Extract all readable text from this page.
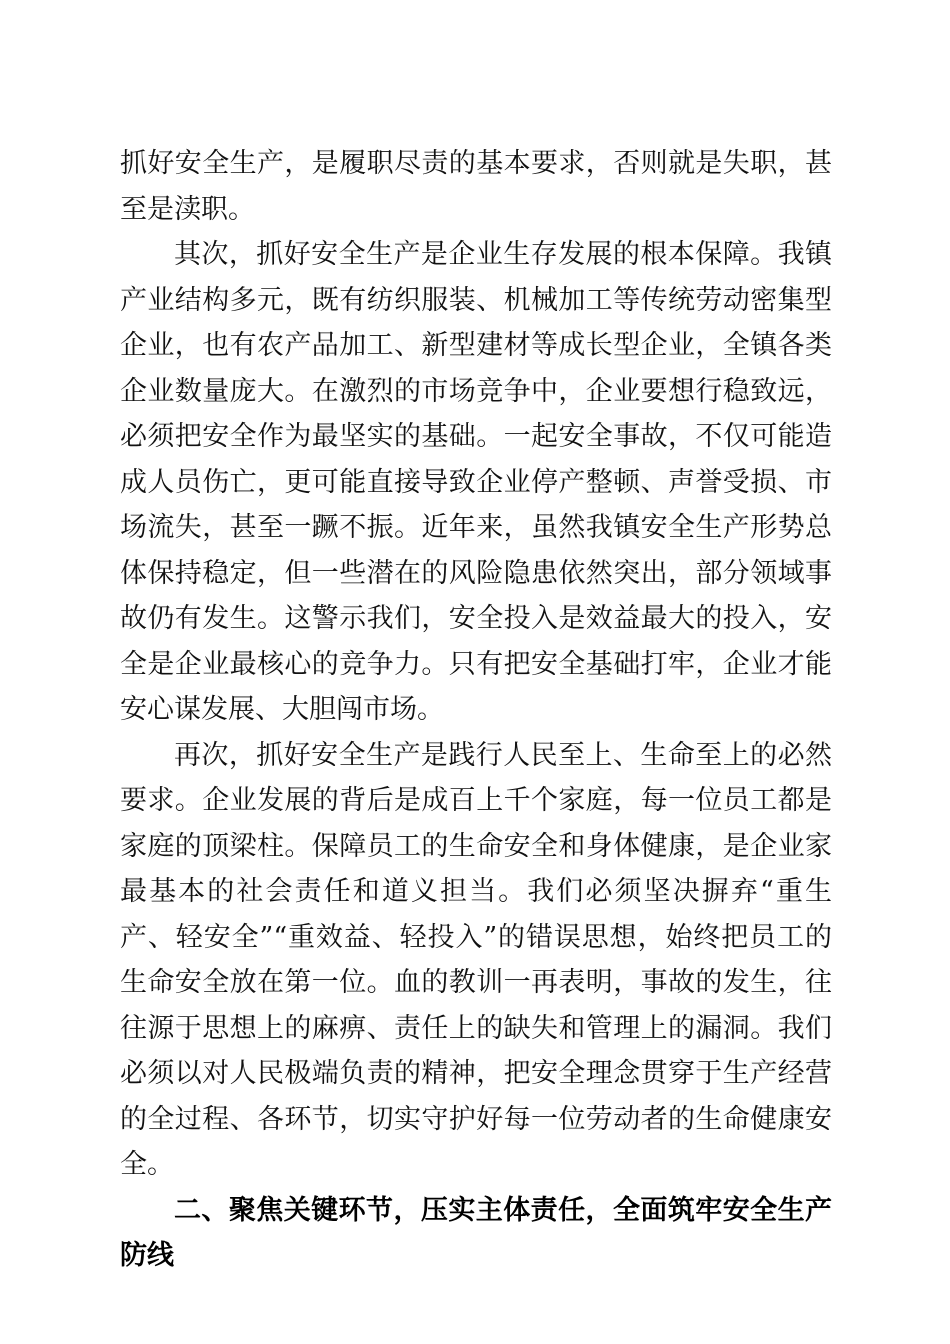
抓好安全生产，是履职尽责的基本要求，否则就是失职，甚至是渎职。

其次，抓好安全生产是企业生存发展的根本保障。我镇产业结构多元，既有纺织服装、机械加工等传统劳动密集型企业，也有农产品加工、新型建材等成长型企业，全镇各类企业数量庞大。在激烈的市场竞争中，企业要想行稳致远，必须把安全作为最坚实的基础。一起安全事故，不仅可能造成人员伤亡，更可能直接导致企业停产整顿、声誉受损、市场流失，甚至一蹶不振。近年来，虽然我镇安全生产形势总体保持稳定，但一些潜在的风险隐患依然突出，部分领域事故仍有发生。这警示我们，安全投入是效益最大的投入，安全是企业最核心的竞争力。只有把安全基础打牢，企业才能安心谋发展、大胆闯市场。

再次，抓好安全生产是践行人民至上、生命至上的必然要求。企业发展的背后是成百上千个家庭，每一位员工都是家庭的顶梁柱。保障员工的生命安全和身体健康，是企业家最基本的社会责任和道义担当。我们必须坚决摒弃“重生产、轻安全”“重效益、轻投入”的错误思想，始终把员工的生命安全放在第一位。血的教训一再表明，事故的发生，往往源于思想上的麻痹、责任上的缺失和管理上的漏洞。我们必须以对人民极端负责的精神，把安全理念贯穿于生产经营的全过程、各环节，切实守护好每一位劳动者的生命健康安全。

二、聚焦关键环节，压实主体责任，全面筑牢安全生产防线
